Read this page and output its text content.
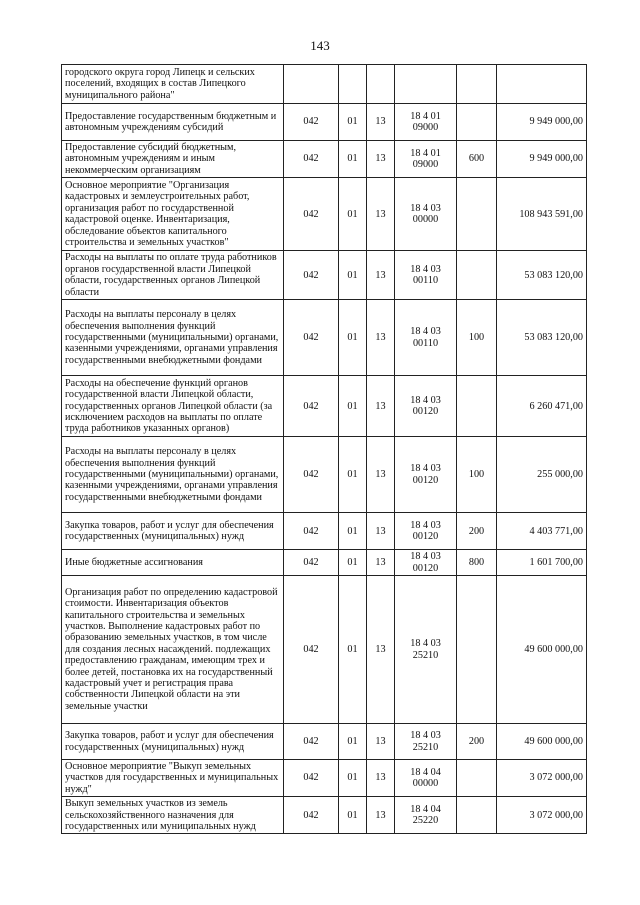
143
городского округа город Липецк и сельских поселений, входящих в состав Липецкого муниципального района"						
Предоставление государственным бюджетным и автономным учреждениям субсидий	042	01	13	18 4 01 09000		9 949 000,00
Предоставление субсидий бюджетным, автономным учреждениям и иным некоммерческим организациям	042	01	13	18 4 01 09000	600	9 949 000,00
Основное мероприятие "Организация кадастровых и землеустроительных работ, организация работ по государственной кадастровой оценке. Инвентаризация, обследование объектов капитального строительства и земельных участков"	042	01	13	18 4 03 00000		108 943 591,00
Расходы на выплаты по оплате труда работников органов государственной власти Липецкой области, государственных органов Липецкой области	042	01	13	18 4 03 00110		53 083 120,00
Расходы на выплаты персоналу в целях обеспечения выполнения функций государственными (муниципальными) органами, казенными учреждениями, органами управления государственными внебюджетными фондами	042	01	13	18 4 03 00110	100	53 083 120,00
Расходы на обеспечение функций органов государственной власти Липецкой области, государственных органов Липецкой области (за исключением расходов на выплаты по оплате труда работников указанных органов)	042	01	13	18 4 03 00120		6 260 471,00
Расходы на выплаты персоналу в целях обеспечения выполнения функций государственными (муниципальными) органами, казенными учреждениями, органами управления государственными внебюджетными фондами	042	01	13	18 4 03 00120	100	255 000,00
Закупка товаров, работ и услуг для обеспечения государственных (муниципальных) нужд	042	01	13	18 4 03 00120	200	4 403 771,00
Иные бюджетные ассигнования	042	01	13	18 4 03 00120	800	1 601 700,00
Организация работ по определению кадастровой стоимости. Инвентаризация объектов капитального строительства и земельных участков. Выполнение кадастровых работ по образованию земельных участков, в том числе для создания лесных насаждений. подлежащих предоставлению гражданам, имеющим трех и более детей, постановка их на государственный кадастровый учет и регистрация права собственности Липецкой области на эти земельные участки	042	01	13	18 4 03 25210		49 600 000,00
Закупка товаров, работ и услуг для обеспечения государственных (муниципальных) нужд	042	01	13	18 4 03 25210	200	49 600 000,00
Основное мероприятие "Выкуп земельных участков для государственных и муниципальных нужд"	042	01	13	18 4 04 00000		3 072 000,00
Выкуп земельных участков из земель сельскохозяйственного назначения для государственных или муниципальных нужд	042	01	13	18 4 04 25220		3 072 000,00
